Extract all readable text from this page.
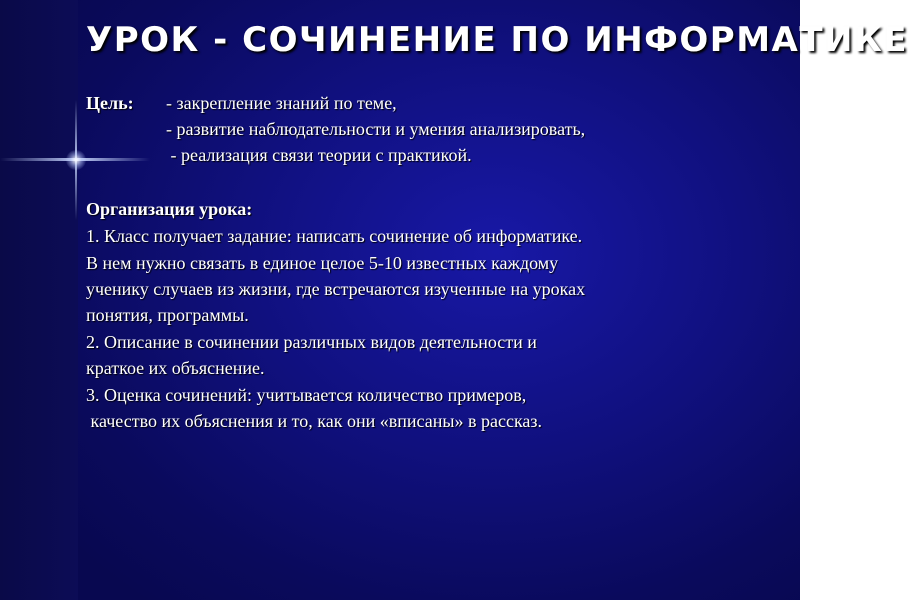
УРОК - СОЧИНЕНИЕ ПО ИНФОРМАТИКЕ
Цель: - закрепление знаний по теме,
- развитие наблюдательности и умения анализировать,
- реализация связи теории с практикой.
Организация урока:
1. Класс получает задание: написать сочинение об информатике.
В нем нужно связать в единое целое 5-10 известных каждому
ученику случаев из жизни, где встречаются изученные на уроках
понятия, программы.
2. Описание в сочинении различных видов деятельности и
краткое их объяснение.
3. Оценка сочинений: учитывается количество примеров,
качество их объяснения и то, как они «вписаны» в рассказ.
